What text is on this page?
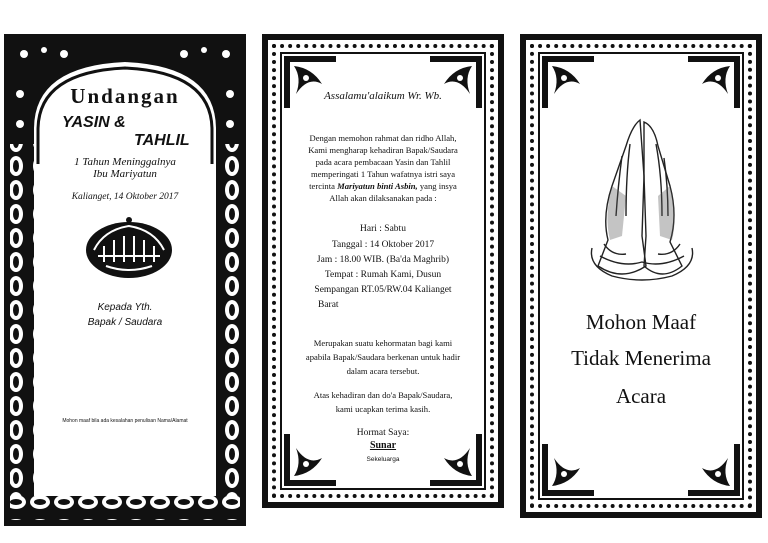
Undangan
YASIN &
TAHLIL
1 Tahun Meninggalnya
Ibu Mariyatun
Kalianget, 14 Oktober 2017
Kepada Yth.
Bapak / Saudara
Mohon maaf bila ada kesalahan penulisan Nama/Alamat
Assalamu'alaikum Wr. Wb.
Dengan memohon rahmat dan ridho Allah, Kami mengharap kehadiran Bapak/Saudara pada acara pembacaan Yasin dan Tahlil memperingati 1 Tahun wafatnya istri saya tercinta Mariyatun binti Asbin, yang insya Allah akan dilaksanakan pada :
Hari : Sabtu
Tanggal : 14 Oktober 2017
Jam : 18.00 WIB. (Ba'da Maghrib)
Tempat : Rumah Kami, Dusun
Sempangan RT.05/RW.04 Kalianget
Barat
Merupakan suatu kehormatan bagi kami apabila Bapak/Saudara berkenan untuk hadir dalam acara tersebut.
Atas kehadiran dan do'a Bapak/Saudara, kami ucapkan terima kasih.
Hormat Saya:
Sunar
Sekeluarga
Mohon Maaf
Tidak Menerima
Acara
